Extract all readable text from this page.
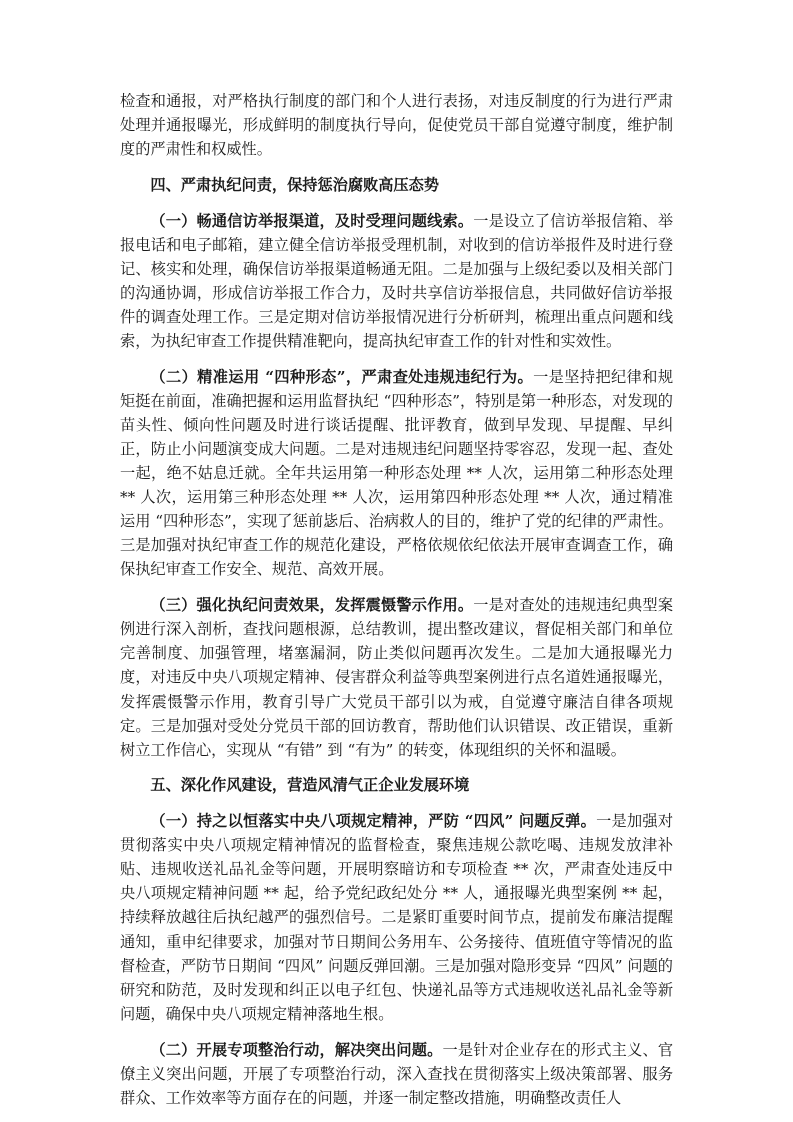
检查和通报，对严格执行制度的部门和个人进行表扬，对违反制度的行为进行严肃处理并通报曝光，形成鲜明的制度执行导向，促使党员干部自觉遵守制度，维护制度的严肃性和权威性。

四、严肃执纪问责，保持惩治腐败高压态势

（一）畅通信访举报渠道，及时受理问题线索。一是设立了信访举报信箱、举报电话和电子邮箱，建立健全信访举报受理机制，对收到的信访举报件及时进行登记、核实和处理，确保信访举报渠道畅通无阻。二是加强与上级纪委以及相关部门的沟通协调，形成信访举报工作合力，及时共享信访举报信息，共同做好信访举报件的调查处理工作。三是定期对信访举报情况进行分析研判，梳理出重点问题和线索，为执纪审查工作提供精准靶向，提高执纪审查工作的针对性和实效性。

（二）精准运用 “四种形态”，严肃查处违规违纪行为。一是坚持把纪律和规矩挺在前面，准确把握和运用监督执纪 “四种形态”，特别是第一种形态，对发现的苗头性、倾向性问题及时进行谈话提醒、批评教育，做到早发现、早提醒、早纠正，防止小问题演变成大问题。二是对违规违纪问题坚持零容忍，发现一起、查处一起，绝不姑息迁就。全年共运用第一种形态处理 ** 人次，运用第二种形态处理 ** 人次，运用第三种形态处理 ** 人次，运用第四种形态处理 ** 人次，通过精准运用 “四种形态”，实现了惩前毖后、治病救人的目的，维护了党的纪律的严肃性。三是加强对执纪审查工作的规范化建设，严格依规依纪依法开展审查调查工作，确保执纪审查工作安全、规范、高效开展。

（三）强化执纪问责效果，发挥震慑警示作用。一是对查处的违规违纪典型案例进行深入剖析，查找问题根源，总结教训，提出整改建议，督促相关部门和单位完善制度、加强管理，堵塞漏洞，防止类似问题再次发生。二是加大通报曝光力度，对违反中央八项规定精神、侵害群众利益等典型案例进行点名道姓通报曝光，发挥震慑警示作用，教育引导广大党员干部引以为戒，自觉遵守廉洁自律各项规定。三是加强对受处分党员干部的回访教育，帮助他们认识错误、改正错误，重新树立工作信心，实现从 “有错” 到 “有为” 的转变，体现组织的关怀和温暖。

五、深化作风建设，营造风清气正企业发展环境

（一）持之以恒落实中央八项规定精神，严防 “四风” 问题反弹。一是加强对贯彻落实中央八项规定精神情况的监督检查，聚焦违规公款吃喝、违规发放津补贴、违规收送礼品礼金等问题，开展明察暗访和专项检查 ** 次，严肃查处违反中央八项规定精神问题 ** 起，给予党纪政纪处分 ** 人，通报曝光典型案例 ** 起，持续释放越往后执纪越严的强烈信号。二是紧盯重要时间节点，提前发布廉洁提醒通知，重申纪律要求，加强对节日期间公务用车、公务接待、值班值守等情况的监督检查，严防节日期间 “四风” 问题反弹回潮。三是加强对隐形变异 “四风” 问题的研究和防范，及时发现和纠正以电子红包、快递礼品等方式违规收送礼品礼金等新问题，确保中央八项规定精神落地生根。

（二）开展专项整治行动，解决突出问题。一是针对企业存在的形式主义、官僚主义突出问题，开展了专项整治行动，深入查找在贯彻落实上级决策部署、服务群众、工作效率等方面存在的问题，并逐一制定整改措施，明确整改责任人
